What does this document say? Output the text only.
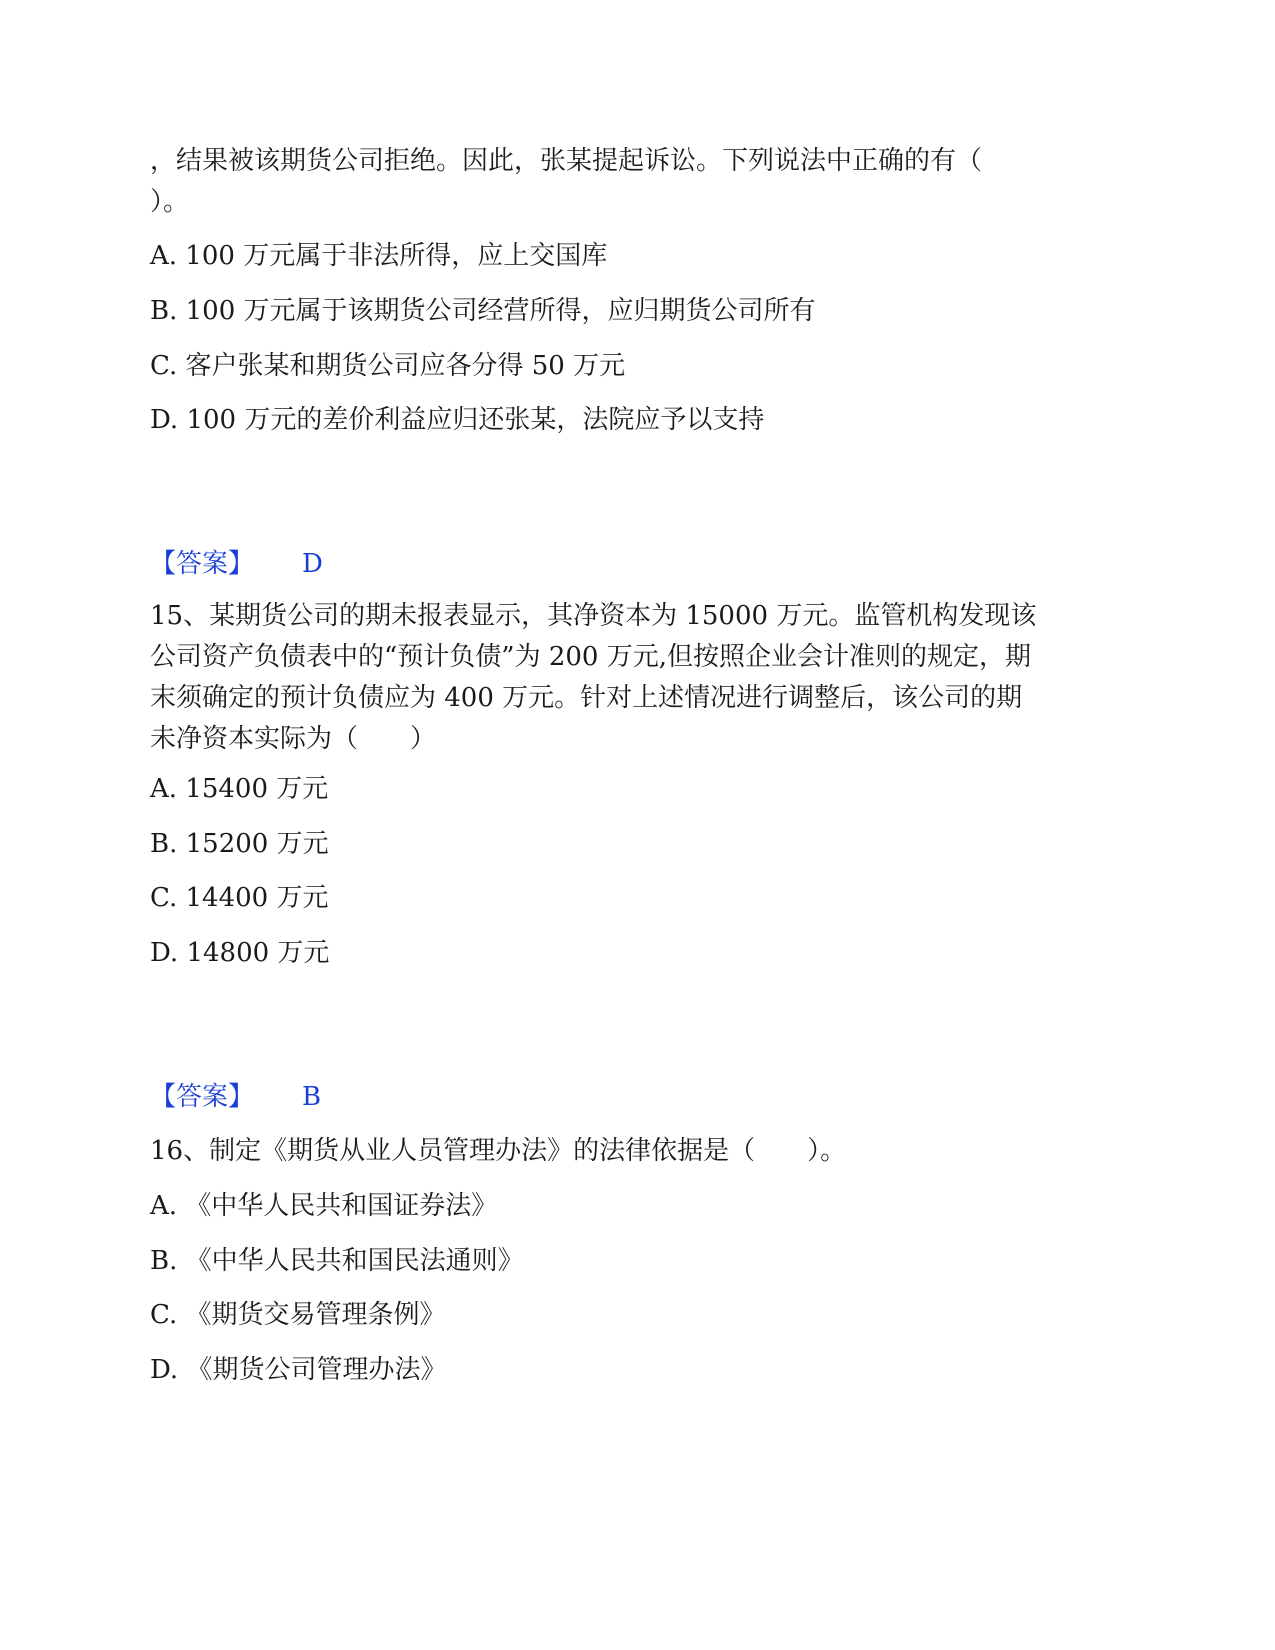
，结果被该期货公司拒绝。因此，张某提起诉讼。下列说法中正确的有（
）。
A. 100 万元属于非法所得，应上交国库
B. 100 万元属于该期货公司经营所得，应归期货公司所有
C. 客户张某和期货公司应各分得 50 万元
D. 100 万元的差价利益应归还张某，法院应予以支持
【答案】 D
15、某期货公司的期未报表显示，其净资本为 15000 万元。监管机构发现该
公司资产负债表中的“预计负债”为 200 万元,但按照企业会计准则的规定，期
末须确定的预计负债应为 400 万元。针对上述情况进行调整后，该公司的期
未净资本实际为（　　）
A. 15400 万元
B. 15200 万元
C. 14400 万元
D. 14800 万元
【答案】 B
16、制定《期货从业人员管理办法》的法律依据是（　　）。
A. 《中华人民共和国证券法》
B. 《中华人民共和国民法通则》
C. 《期货交易管理条例》
D. 《期货公司管理办法》
